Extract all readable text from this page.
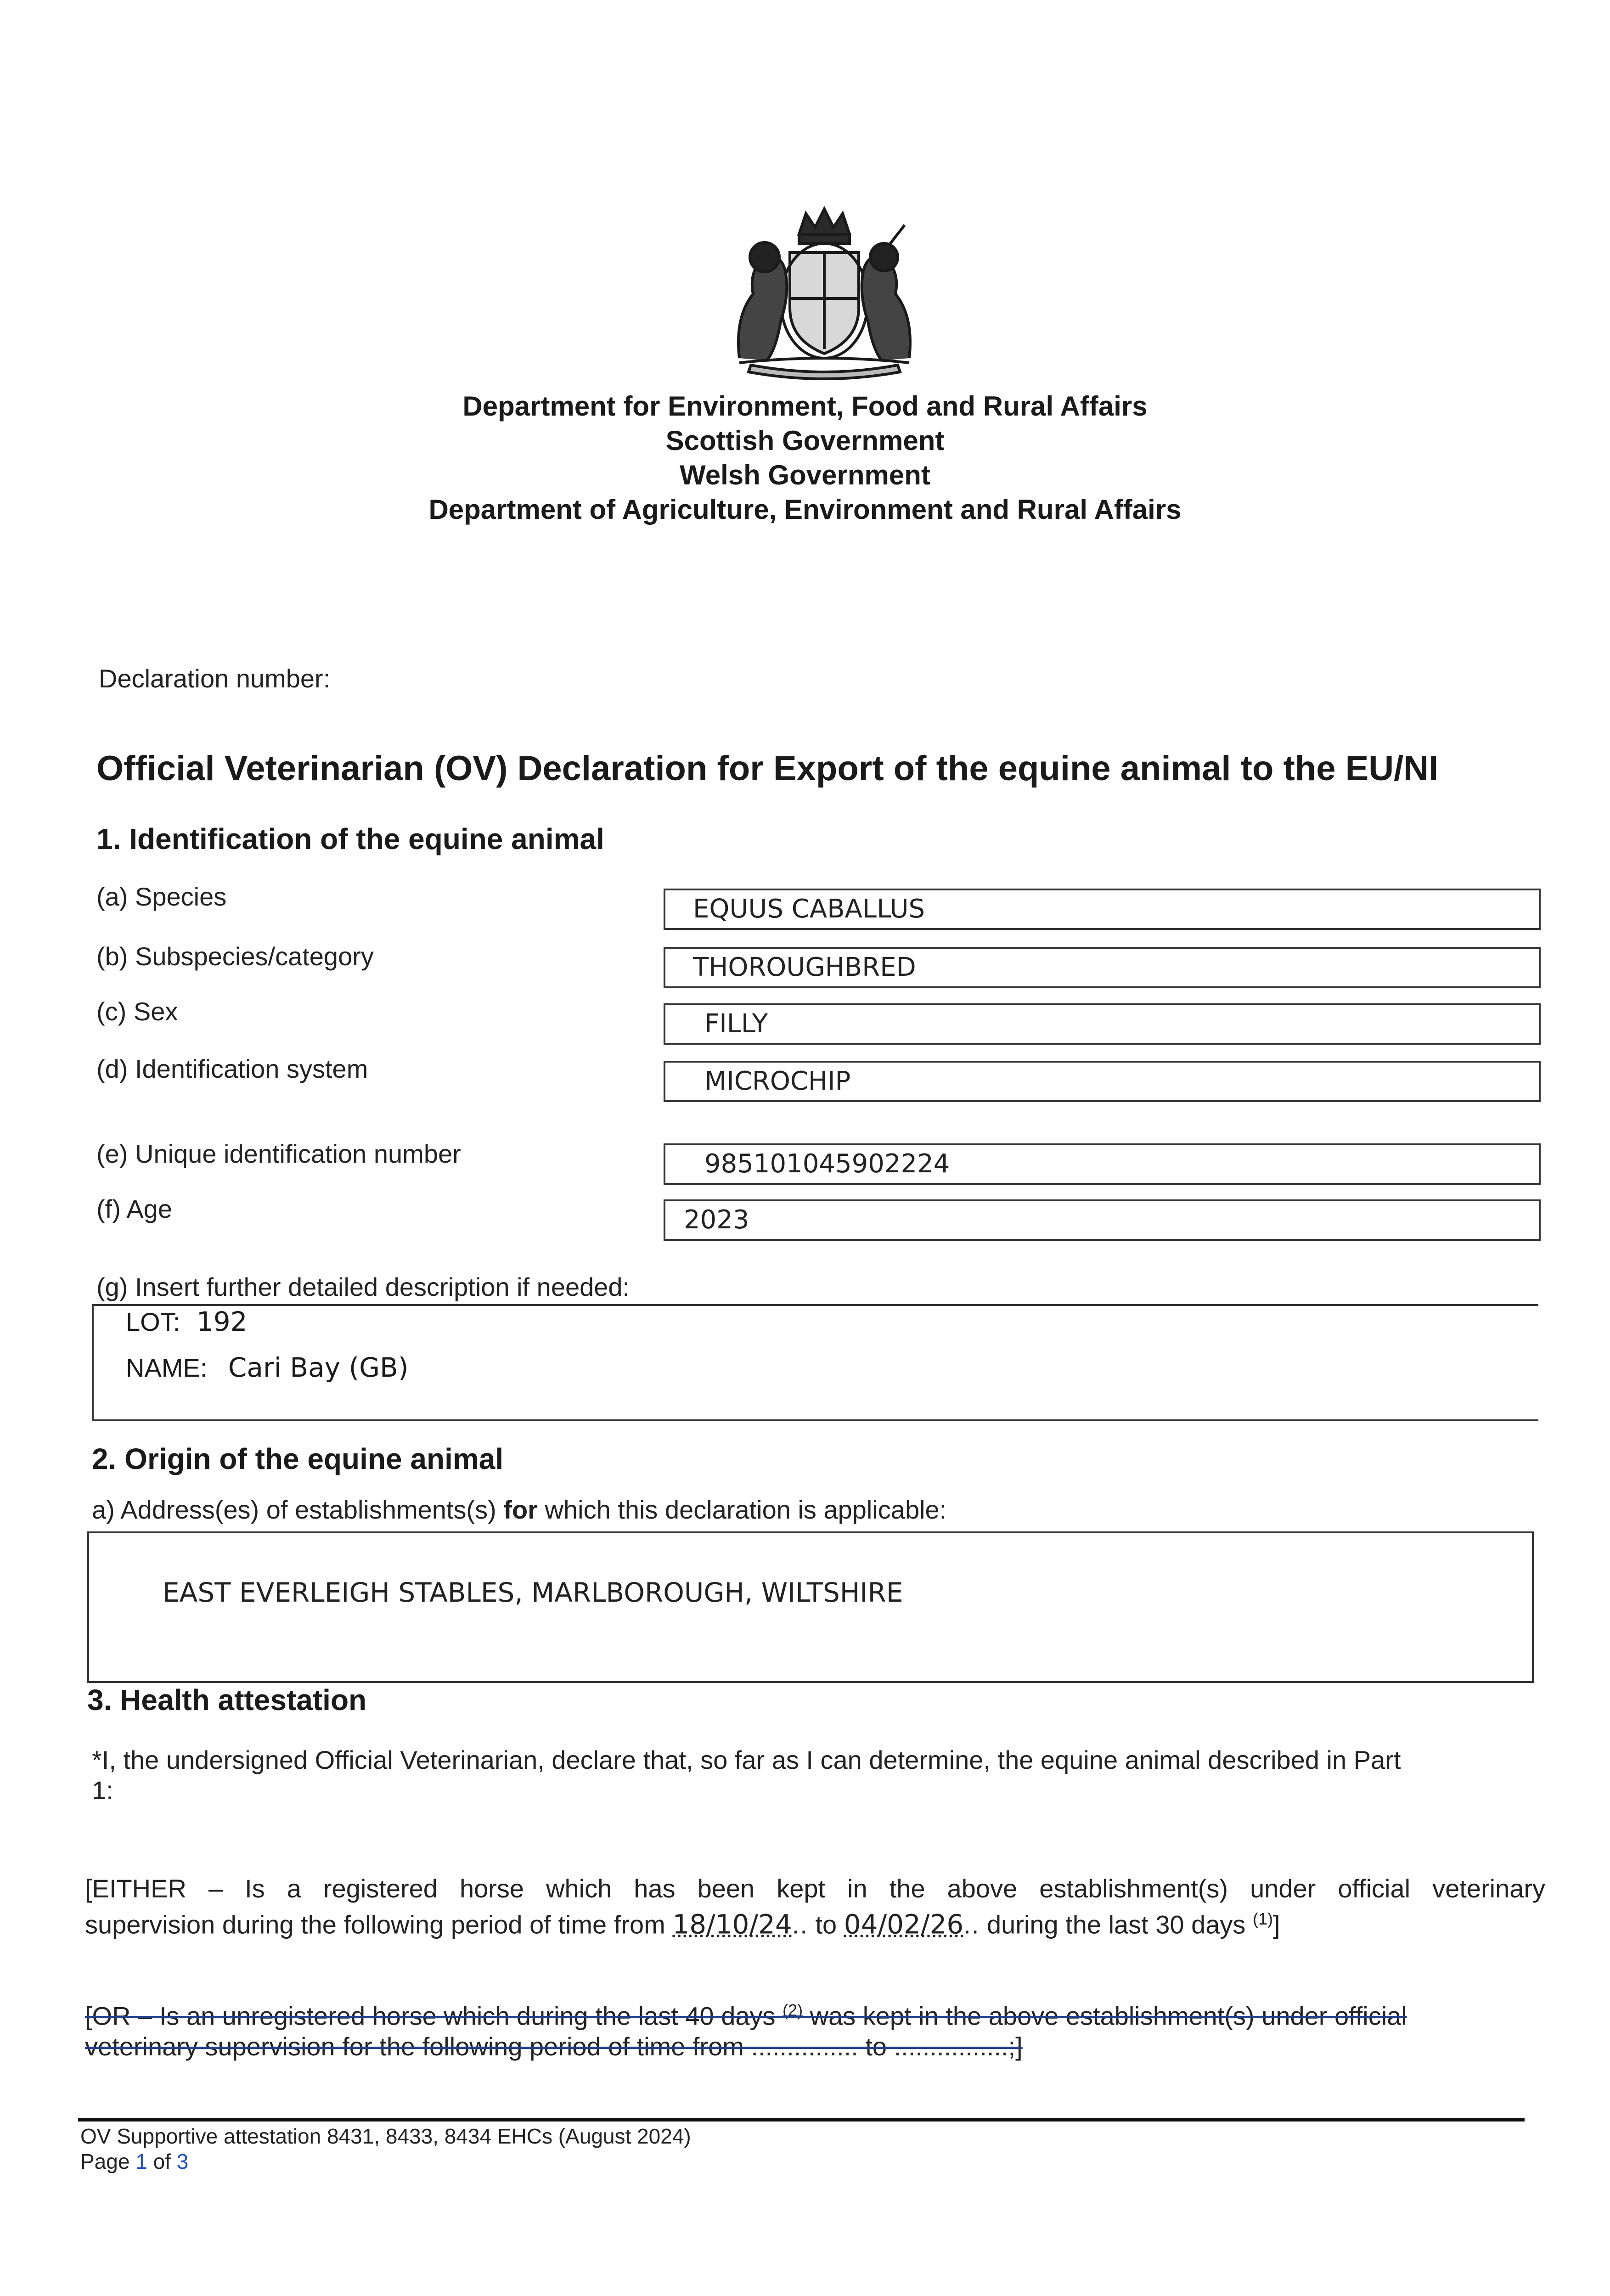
Department for Environment, Food and Rural Affairs
Scottish Government
Welsh Government
Department of Agriculture, Environment and Rural Affairs
Declaration number:
Official Veterinarian (OV) Declaration for Export of the equine animal to the EU/NI
1. Identification of the equine animal
(a) Species	EQUUS CABALLUS
(b) Subspecies/category	THOROUGHBRED
(c) Sex	FILLY
(d) Identification system	MICROCHIP
(e) Unique identification number	985101045902224
(f) Age	2023
(g) Insert further detailed description if needed:
LOT: 192
NAME: Cari Bay (GB)
2. Origin of the equine animal
a) Address(es) of establishments(s) for which this declaration is applicable:
EAST EVERLEIGH STABLES, MARLBOROUGH, WILTSHIRE
3. Health attestation
*I, the undersigned Official Veterinarian, declare that, so far as I can determine, the equine animal described in Part
1:
[EITHER – Is a registered horse which has been kept in the above establishment(s) under official veterinary
supervision during the following period of time from 18/10/24.. to 04/02/26.. during the last 30 days $^{(1)}$]
[OR – Is an unregistered horse which during the last 40 days $^{(2)}$ was kept in the above establishment(s) under official
veterinary supervision for the following period of time from ............... to ................;]
OV Supportive attestation 8431, 8433, 8434 EHCs (August 2024)
Page 1 of 3
